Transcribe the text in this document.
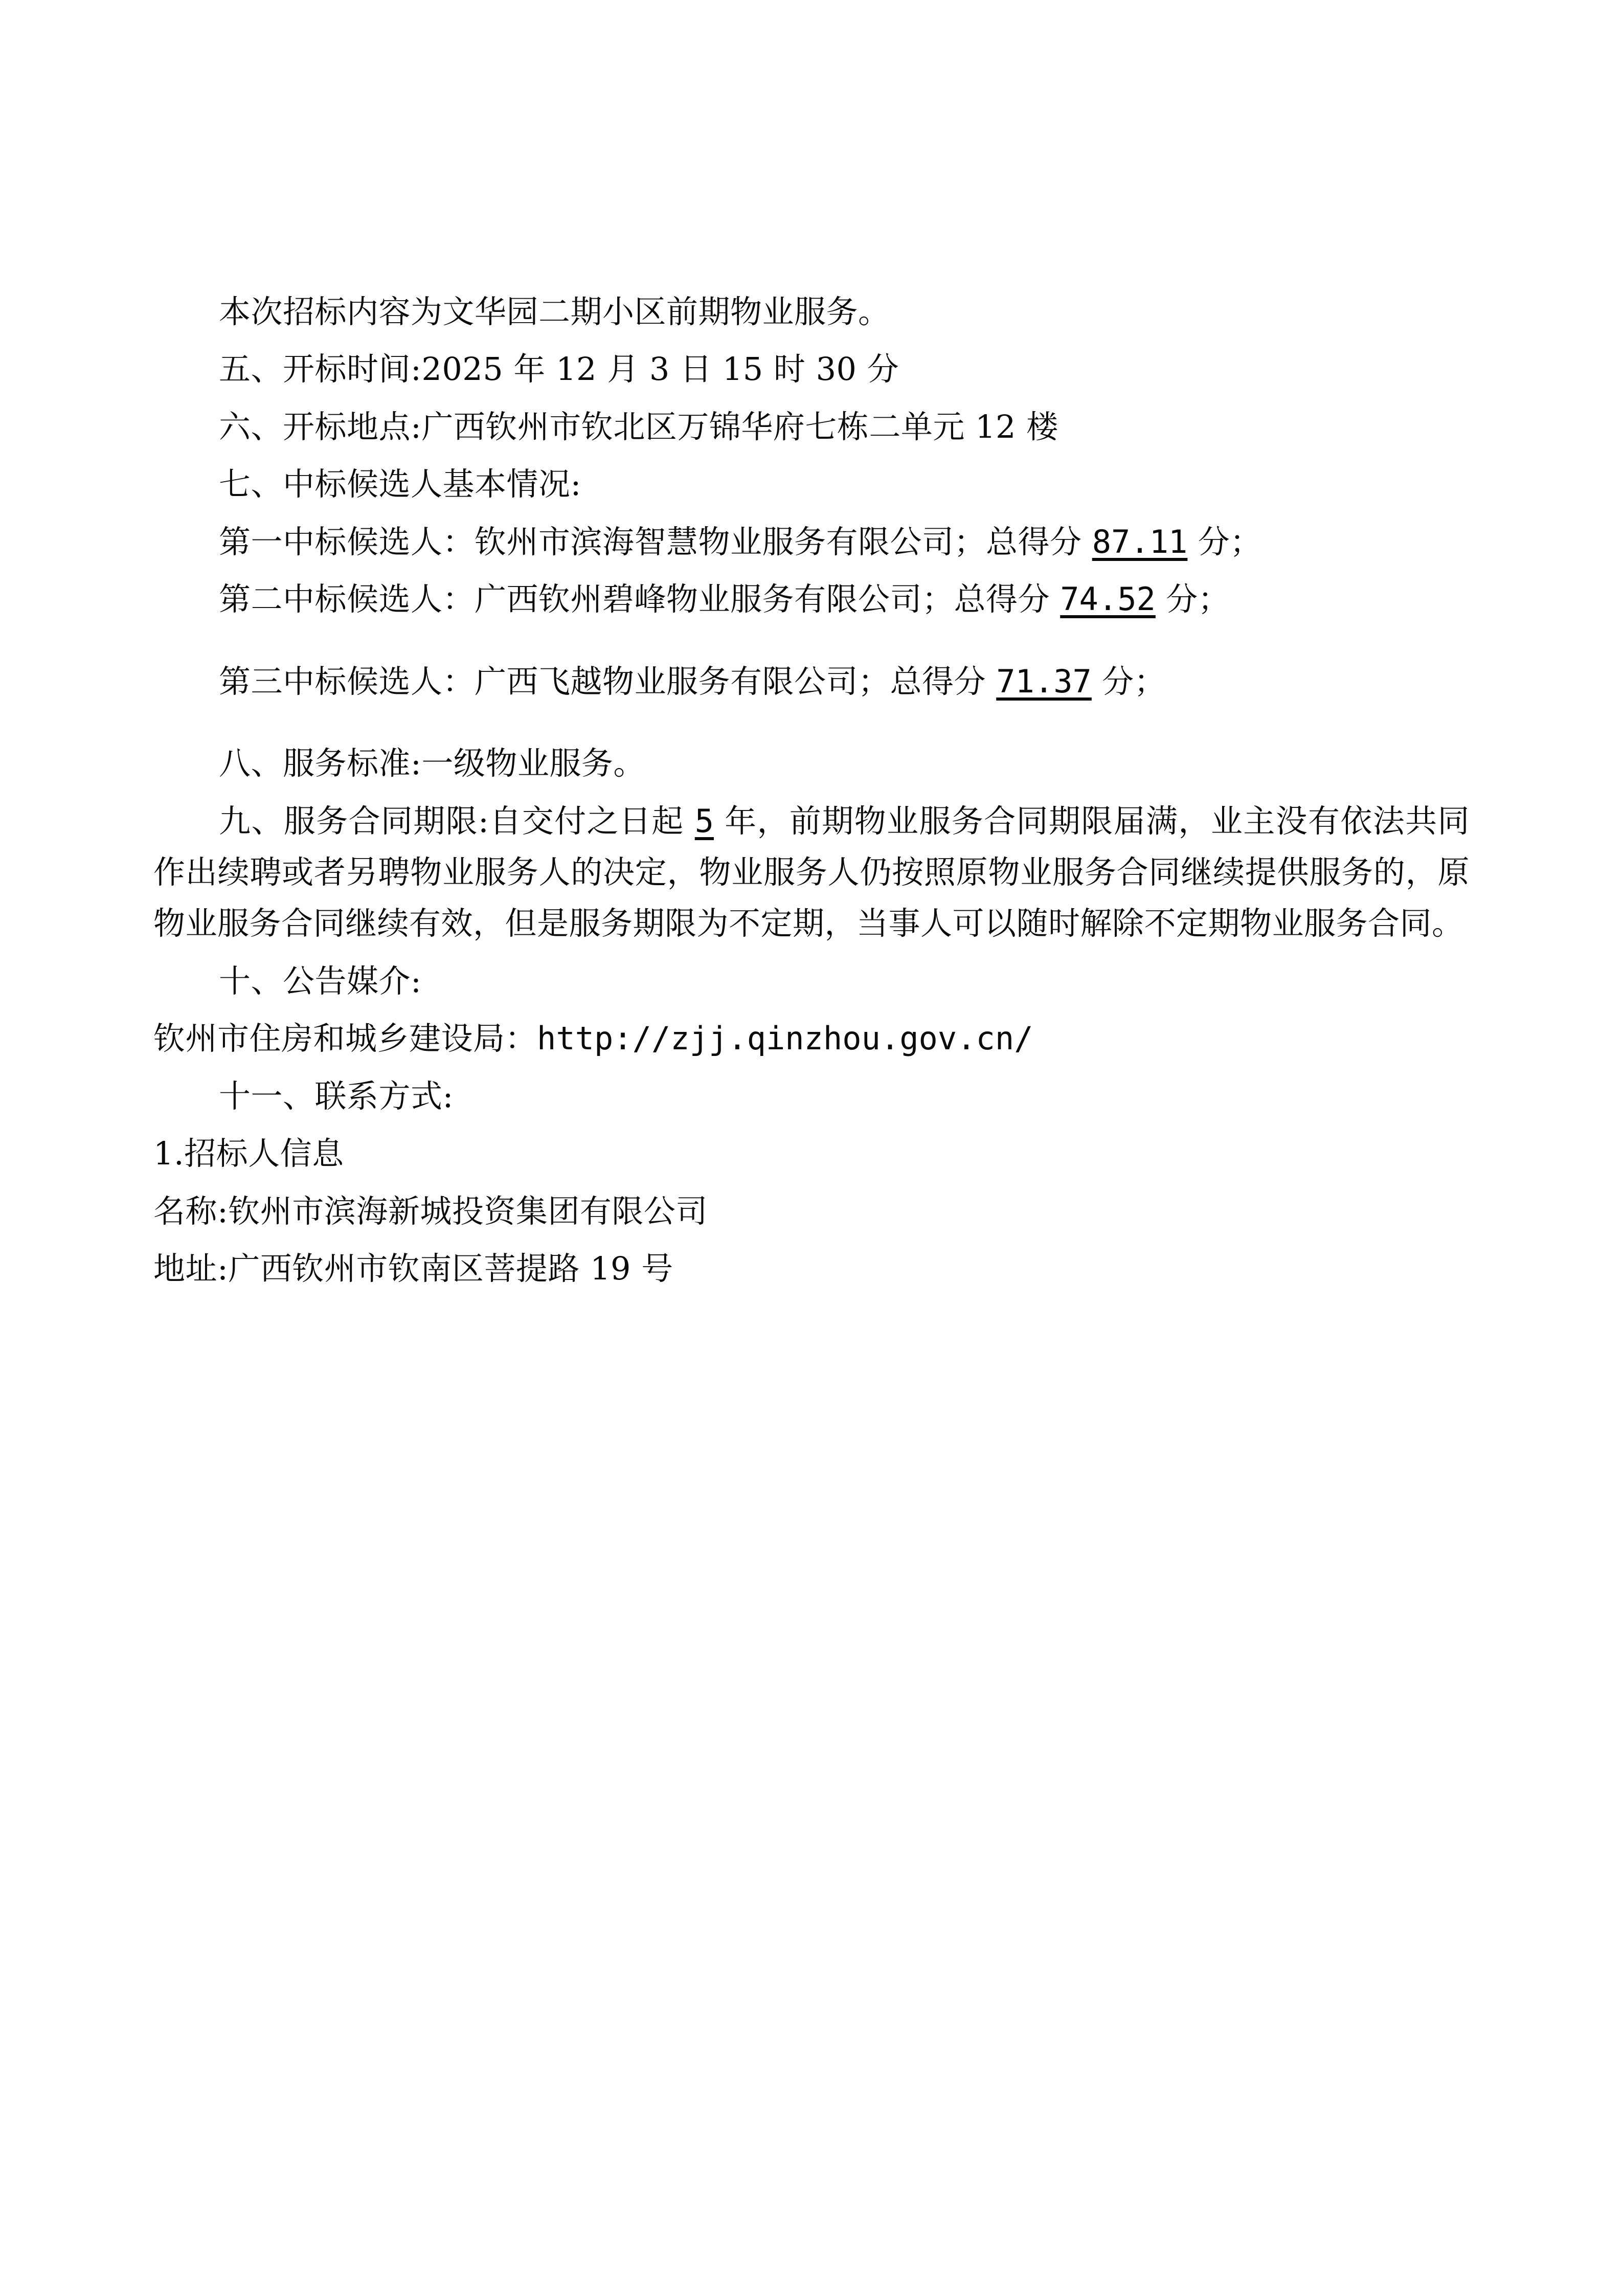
本次招标内容为文华园二期小区前期物业服务。

五、开标时间:2025 年 12 月 3 日 15 时 30 分

六、开标地点:广西钦州市钦北区万锦华府七栋二单元 12 楼

七、中标候选人基本情况:

第一中标候选人：钦州市滨海智慧物业服务有限公司；总得分 87.11 分；

第二中标候选人：广西钦州碧峰物业服务有限公司；总得分 74.52 分；

第三中标候选人：广西飞越物业服务有限公司；总得分 71.37 分；

八、服务标准:一级物业服务。

九、服务合同期限:自交付之日起 5 年，前期物业服务合同期限届满，业主没有依法共同作出续聘或者另聘物业服务人的决定，物业服务人仍按照原物业服务合同继续提供服务的，原物业服务合同继续有效，但是服务期限为不定期，当事人可以随时解除不定期物业服务合同。

十、公告媒介:

钦州市住房和城乡建设局：http://zjj.qinzhou.gov.cn/

十一、联系方式:

1.招标人信息

名称:钦州市滨海新城投资集团有限公司

地址:广西钦州市钦南区菩提路 19 号
